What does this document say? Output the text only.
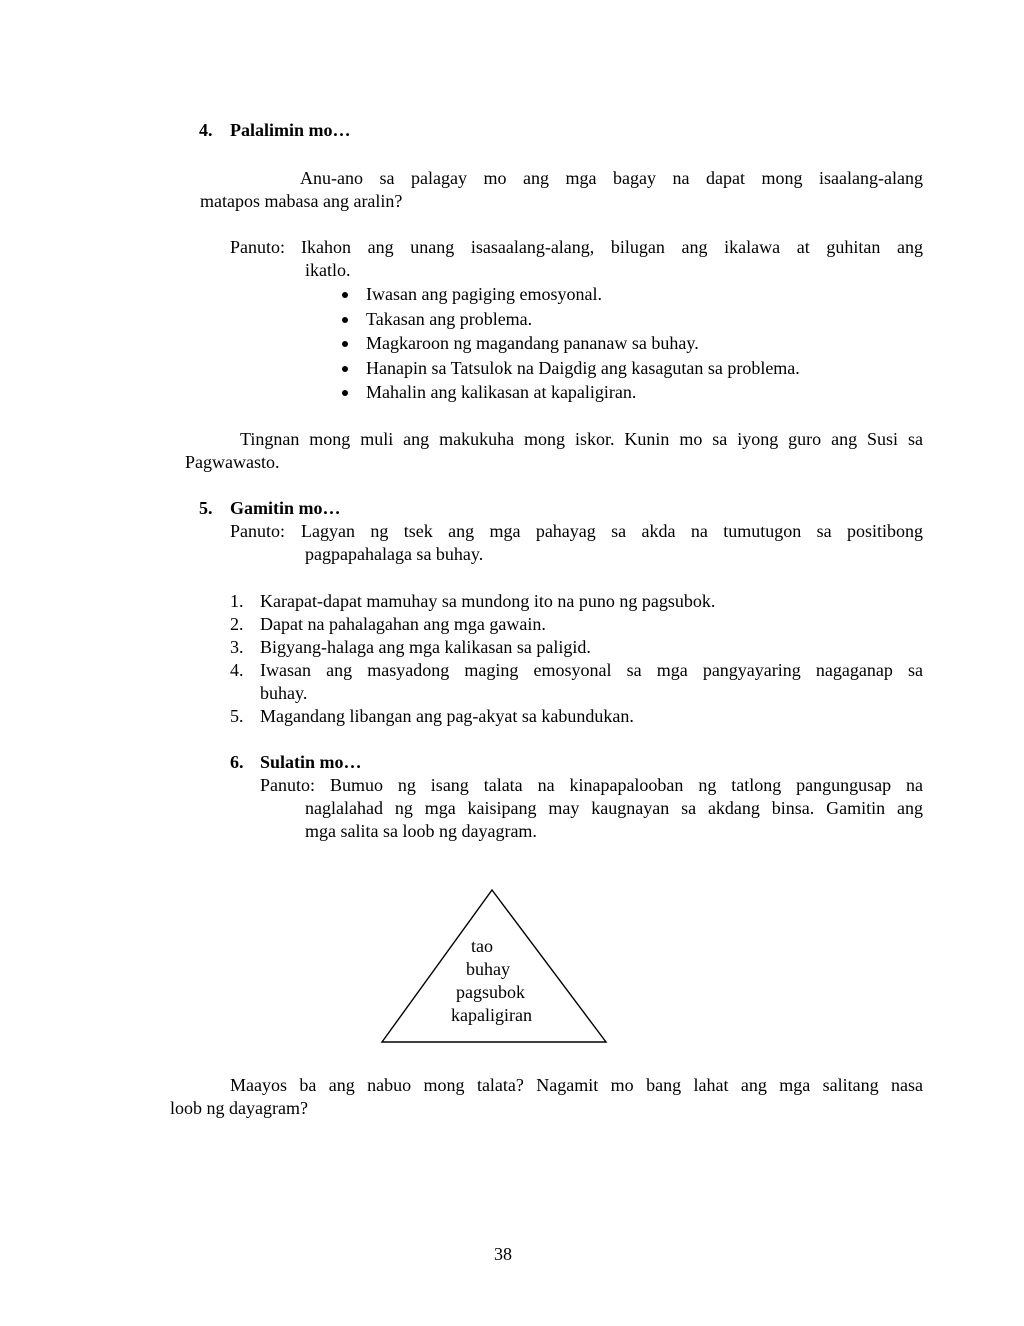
4. Palalimin mo…
Anu-ano sa palagay mo ang mga bagay na dapat mong isaalang-alang
matapos mabasa ang aralin?
Panuto: Ikahon ang unang isasaalang-alang, bilugan ang ikalawa at guhitan ang
ikatlo.
Iwasan ang pagiging emosyonal.
Takasan ang problema.
Magkaroon ng magandang pananaw sa buhay.
Hanapin sa Tatsulok na Daigdig ang kasagutan sa problema.
Mahalin ang kalikasan at kapaligiran.
Tingnan mong muli ang makukuha mong iskor. Kunin mo sa iyong guro ang Susi sa
Pagwawasto.
5. Gamitin mo…
Panuto: Lagyan ng tsek ang mga pahayag sa akda na tumutugon sa positibong
pagpapahalaga sa buhay.
1. Karapat-dapat mamuhay sa mundong ito na puno ng pagsubok.
2. Dapat na pahalagahan ang mga gawain.
3. Bigyang-halaga ang mga kalikasan sa paligid.
4. Iwasan ang masyadong maging emosyonal sa mga pangyayaring nagaganap sa
buhay.
5. Magandang libangan ang pag-akyat sa kabundukan.
6. Sulatin mo…
Panuto: Bumuo ng isang talata na kinapapalooban ng tatlong pangungusap na
naglalahad ng mga kaisipang may kaugnayan sa akdang binsa. Gamitin ang
mga salita sa loob ng dayagram.
tao
buhay
pagsubok
kapaligiran
Maayos ba ang nabuo mong talata? Nagamit mo bang lahat ang mga salitang nasa
loob ng dayagram?
38
